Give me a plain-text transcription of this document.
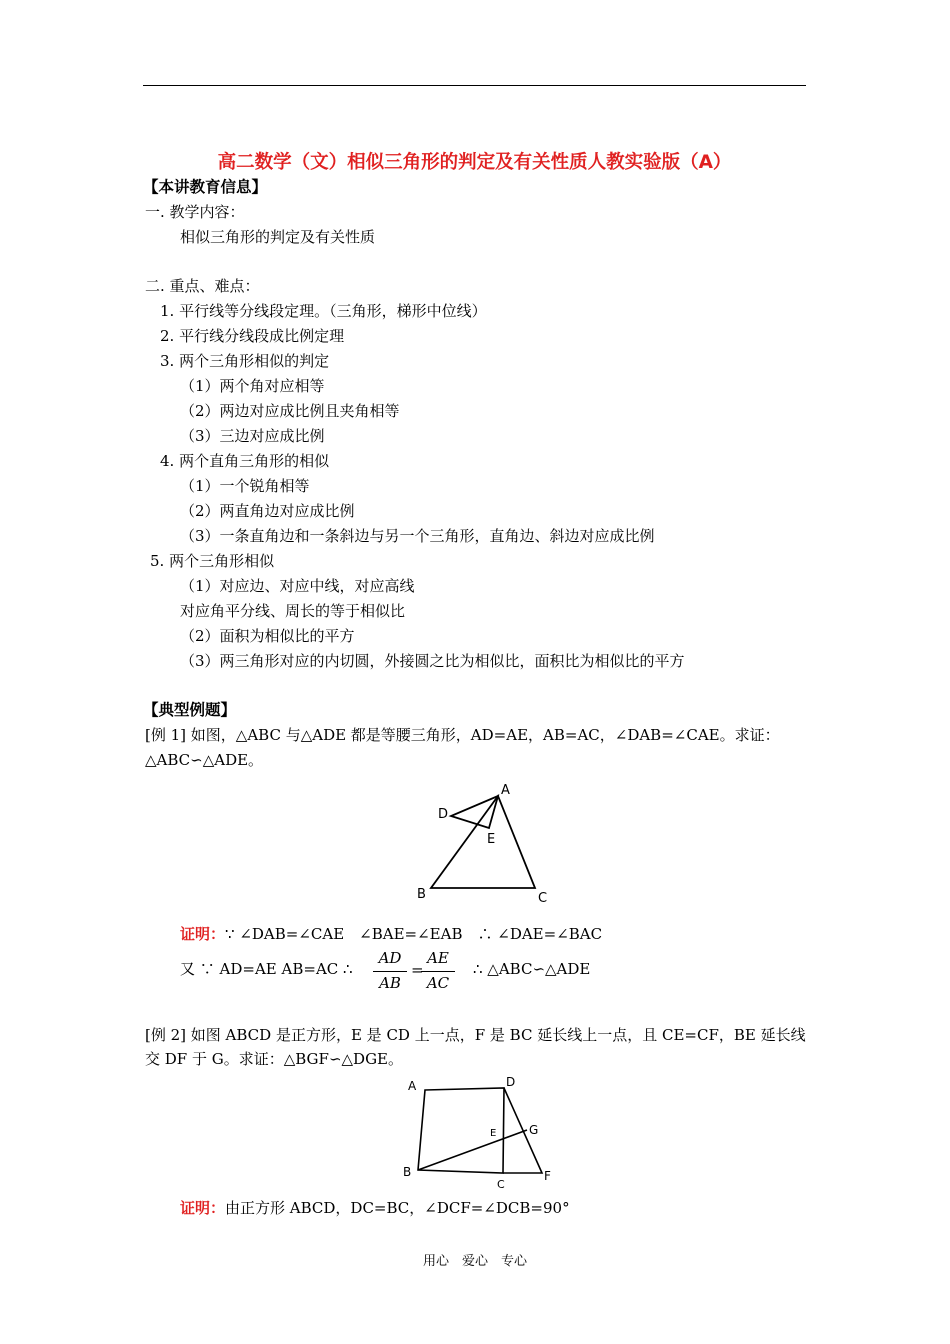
高二数学（文）相似三角形的判定及有关性质人教实验版（A）
【本讲教育信息】
一. 教学内容：
相似三角形的判定及有关性质
二. 重点、难点：
1. 平行线等分线段定理。（三角形，梯形中位线）
2. 平行线分线段成比例定理
3. 两个三角形相似的判定
（1）两个角对应相等
（2）两边对应成比例且夹角相等
（3）三边对应成比例
4. 两个直角三角形的相似
（1）一个锐角相等
（2）两直角边对应成比例
（3）一条直角边和一条斜边与另一个三角形，直角边、斜边对应成比例
5. 两个三角形相似
（1）对应边、对应中线，对应高线
对应角平分线、周长的等于相似比
（2）面积为相似比的平方
（3）两三角形对应的内切圆，外接圆之比为相似比，面积比为相似比的平方
【典型例题】
[例 1] 如图，△ABC 与△ADE 都是等腰三角形，AD=AE，AB=AC，∠DAB=∠CAE。求证：
△ABC∽△ADE。
A
D
E
B	C
证明：∵ ∠DAB=∠CAE　∠BAE=∠EAB　∴ ∠DAE=∠BAC
又 ∵ AD=AE AB=AC ∴
AD
AB
=
AE
AC
∴ △ABC∽△ADE
[例 2] 如图 ABCD 是正方形，E 是 CD 上一点，F 是 BC 延长线上一点，且 CE=CF，BE 延长线
交 DF 于 G。求证：△BGF∽△DGE。
A	D
E	G
B
C
F
证明：由正方形 ABCD，DC=BC，∠DCF=∠DCB=90°
用心　爱心　专心
